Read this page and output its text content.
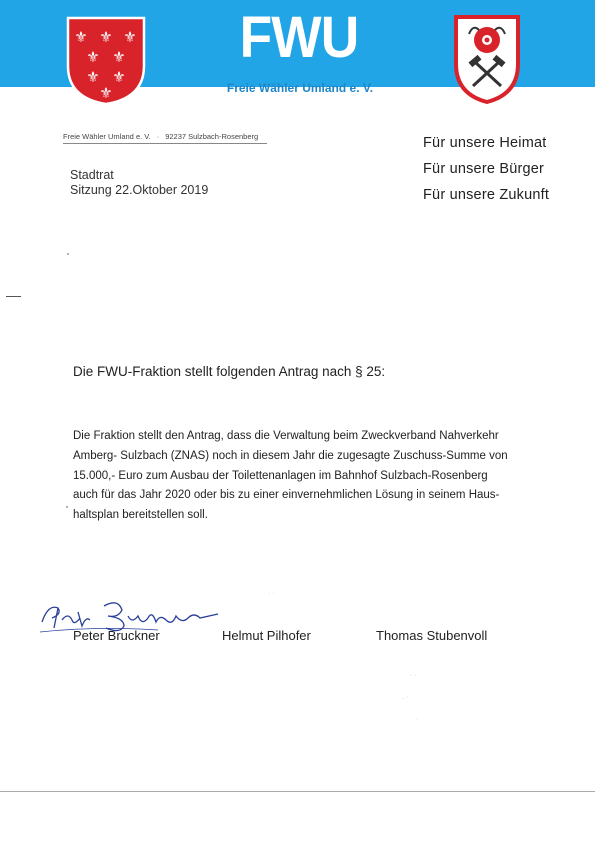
⚜ ⚜ ⚜
⚜ ⚜
⚜ ⚜
⚜
FWU
Freie Wähler Umland e. V.
Freie Wähler Umland e. V. · 92237 Sulzbach-Rosenberg	Für unsere Heimat
Für unsere Bürger
Für unsere Zukunft
Stadtrat
Sitzung 22.Oktober 2019
Die FWU-Fraktion stellt folgenden Antrag nach § 25:
Die Fraktion stellt den Antrag, dass die Verwaltung beim Zweckverband Nahverkehr
Amberg- Sulzbach (ZNAS) noch in diesem Jahr die zugesagte Zuschuss-Summe von
15.000,- Euro zum Ausbau der Toilettenanlagen im Bahnhof Sulzbach-Rosenberg
auch für das Jahr 2020 oder bis zu einer einvernehmlichen Lösung in seinem Haus-
haltsplan bereitstellen soll.
Peter Bruckner	Helmut Pilhofer	Thomas Stubenvoll
· ·
· ·
. ·
·
